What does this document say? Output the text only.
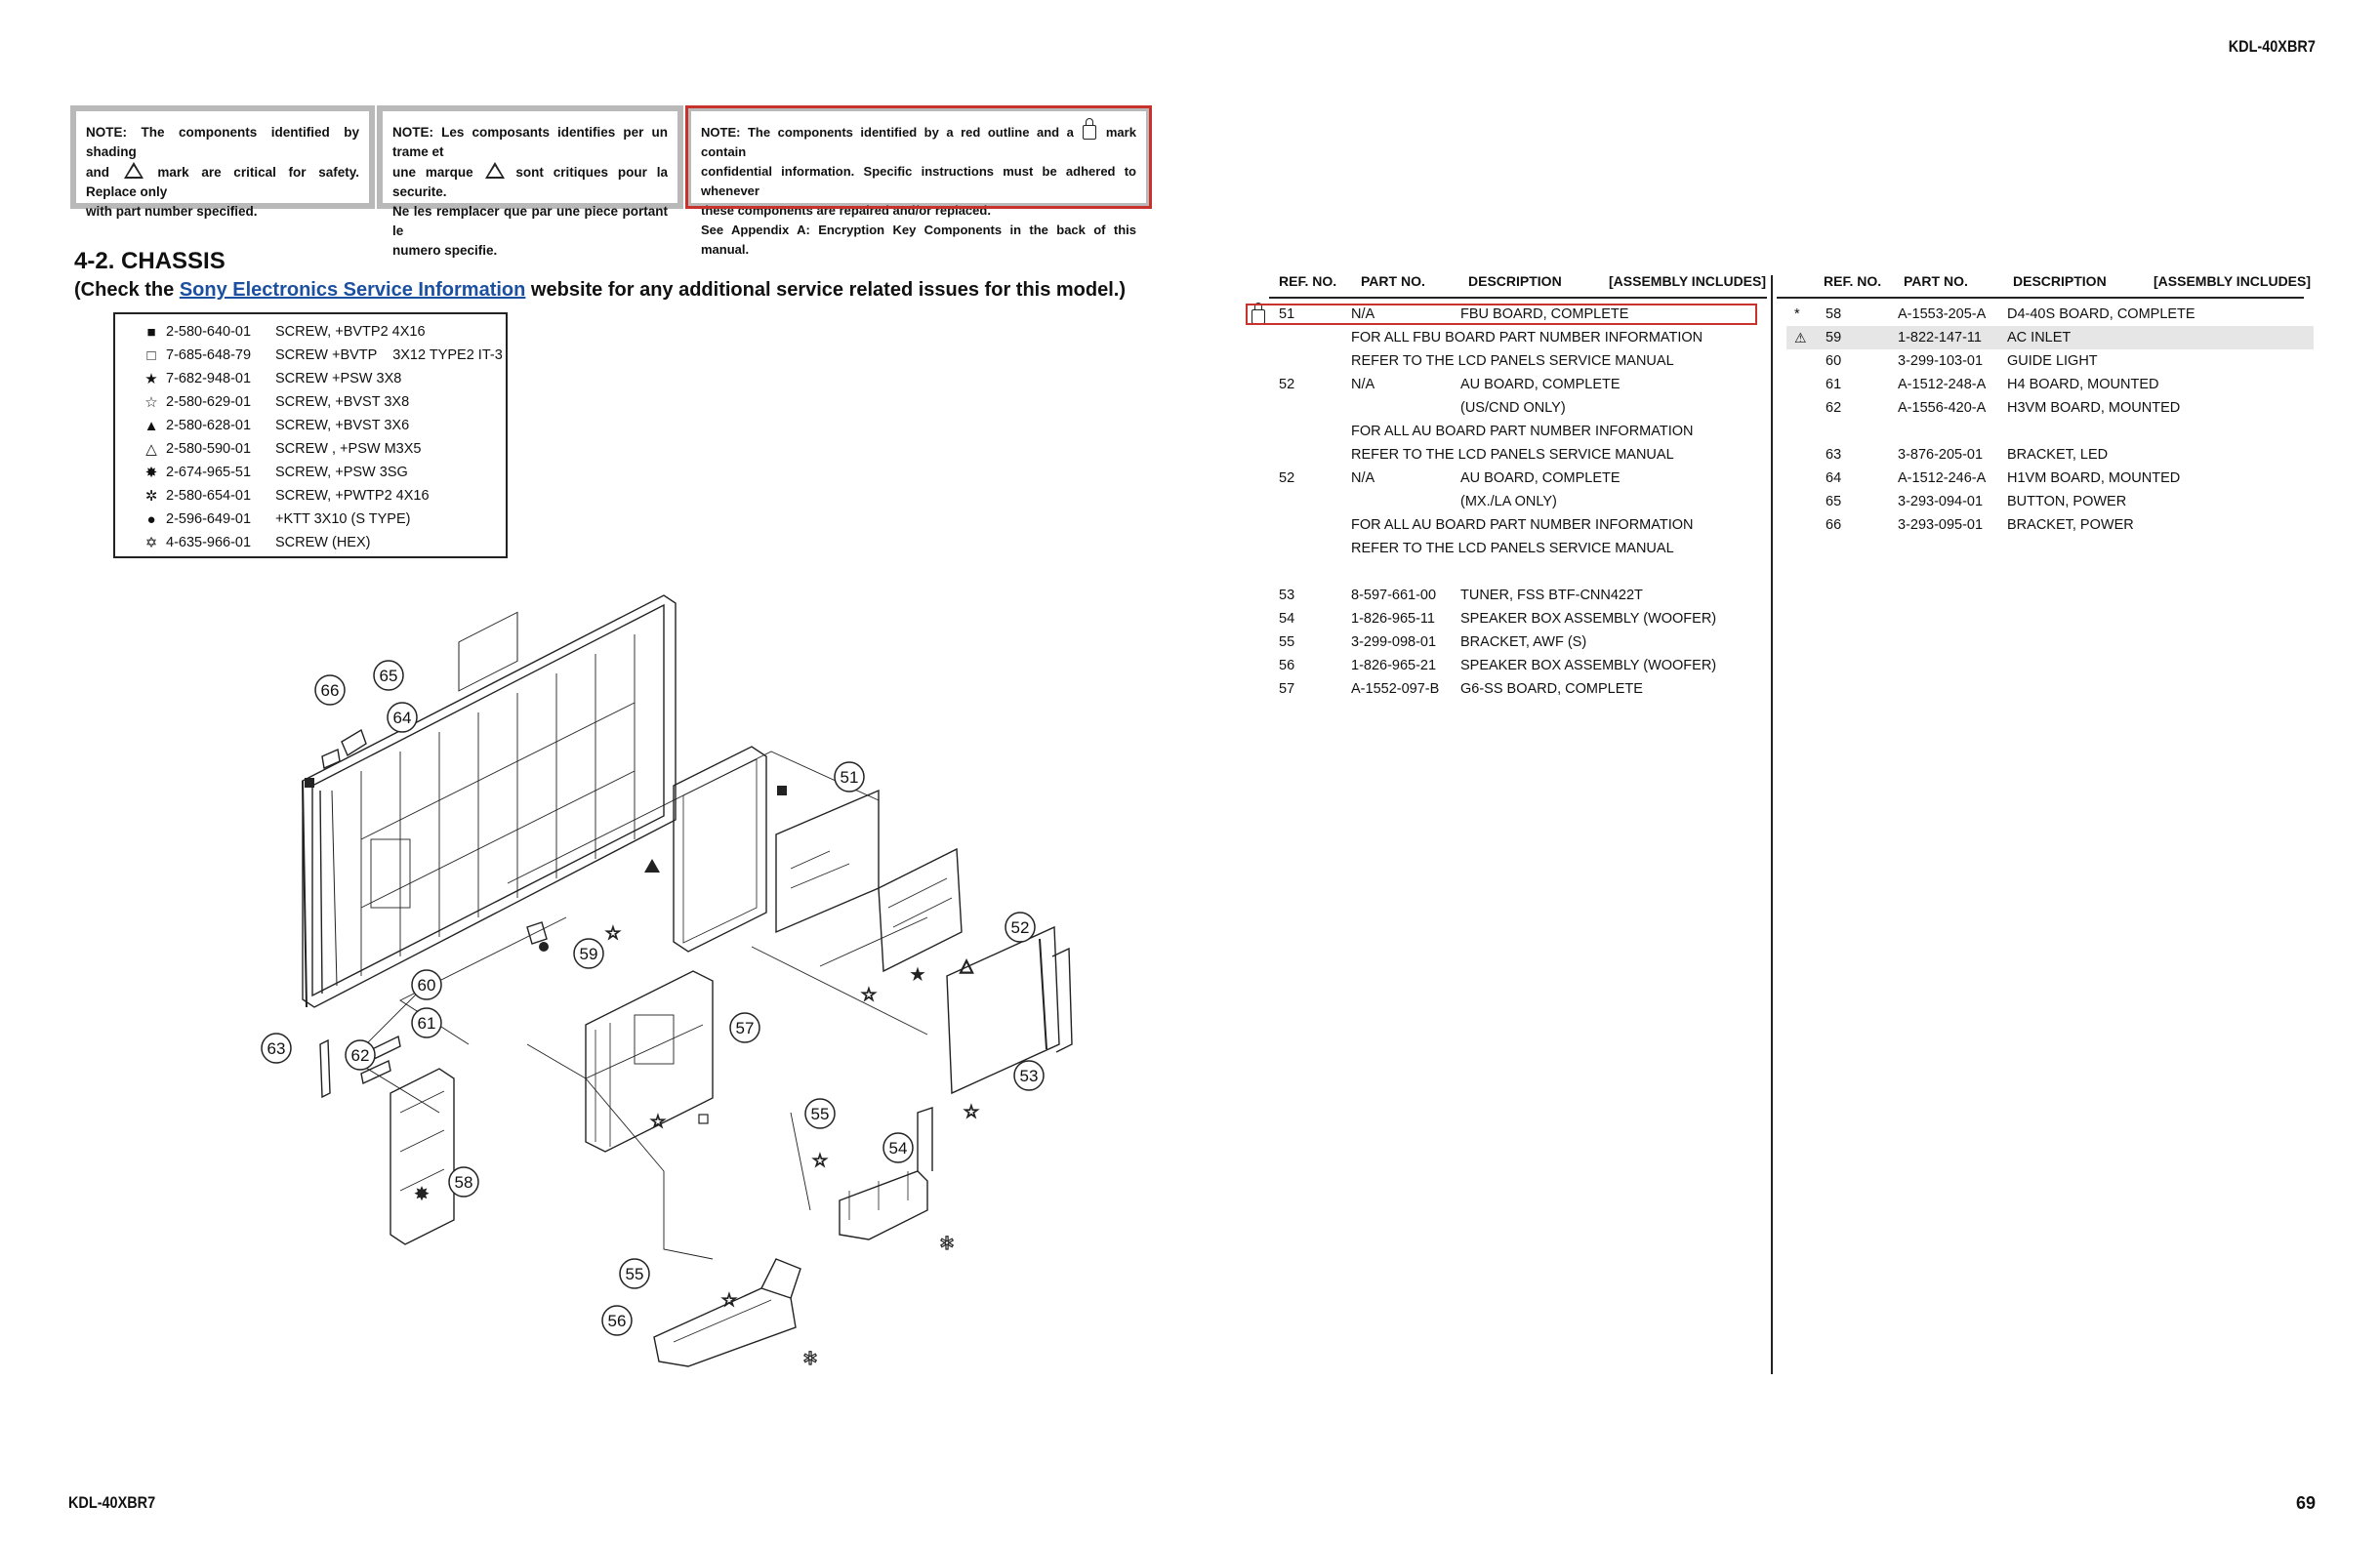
KDL-40XBR7
KDL-40XBR7	69
NOTE: The components identified by shading
and	mark are critical for safety. Replace only
with part number specified.
NOTE: Les composants identifies per un trame et
une marque	sont critiques pour la securite.
Ne les remplacer que par une piece portant le
numero specifie.
NOTE: The components identified by a red outline and a	mark contain
confidential information. Specific instructions must be adhered to whenever
these components are repaired and/or replaced.
See Appendix A: Encryption Key Components in the back of this manual.
4-2. CHASSIS
(Check the Sony Electronics Service Information website for any additional service related issues for this model.)
■ 2-580-640-01	SCREW, +BVTP2 4X16
□ 7-685-648-79	SCREW +BVTP    3X12 TYPE2 IT-3
★ 7-682-948-01	SCREW +PSW 3X8
☆ 2-580-629-01	SCREW, +BVST 3X8
▲ 2-580-628-01	SCREW, +BVST 3X6
△ 2-580-590-01	SCREW , +PSW M3X5
✸ 2-674-965-51	SCREW, +PSW 3SG
✲ 2-580-654-01	SCREW, +PWTP2 4X16
● 2-596-649-01	+KTT 3X10 (S TYPE)
✡ 4-635-966-01	SCREW (HEX)
REF. NO. PART NO.	DESCRIPTION	[ASSEMBLY INCLUDES]	REF. NO. PART NO.	DESCRIPTION	[ASSEMBLY INCLUDES]
51	N/A	FBU BOARD, COMPLETE
FOR ALL FBU BOARD PART NUMBER INFORMATION
REFER TO THE LCD PANELS SERVICE MANUAL
52	N/A	AU BOARD, COMPLETE
(US/CND ONLY)
FOR ALL AU BOARD PART NUMBER INFORMATION
REFER TO THE LCD PANELS SERVICE MANUAL
52	N/A	AU BOARD, COMPLETE
(MX./LA ONLY)
FOR ALL AU BOARD PART NUMBER INFORMATION
REFER TO THE LCD PANELS SERVICE MANUAL
53	8-597-661-00 TUNER, FSS BTF-CNN422T
54	1-826-965-11 SPEAKER BOX ASSEMBLY (WOOFER)
55	3-299-098-01 BRACKET, AWF (S)
56	1-826-965-21 SPEAKER BOX ASSEMBLY (WOOFER)
57	A-1552-097-B G6-SS BOARD, COMPLETE
* 58	A-1553-205-A D4-40S BOARD, COMPLETE
⚠ 59	1-822-147-11 AC INLET
60	3-299-103-01 GUIDE LIGHT
61	A-1512-248-A H4 BOARD, MOUNTED
62	A-1556-420-A H3VM BOARD, MOUNTED
63	3-876-205-01 BRACKET, LED
64	A-1512-246-A H1VM BOARD, MOUNTED
65	3-293-094-01 BUTTON, POWER
66	3-293-095-01 BRACKET, POWER
★
✸
☆
☆
△
☆
☆
☆
✲
☆
✲
65
66
64
51
52
59
60
61
63	62
57
53
55
54
58
55
56
